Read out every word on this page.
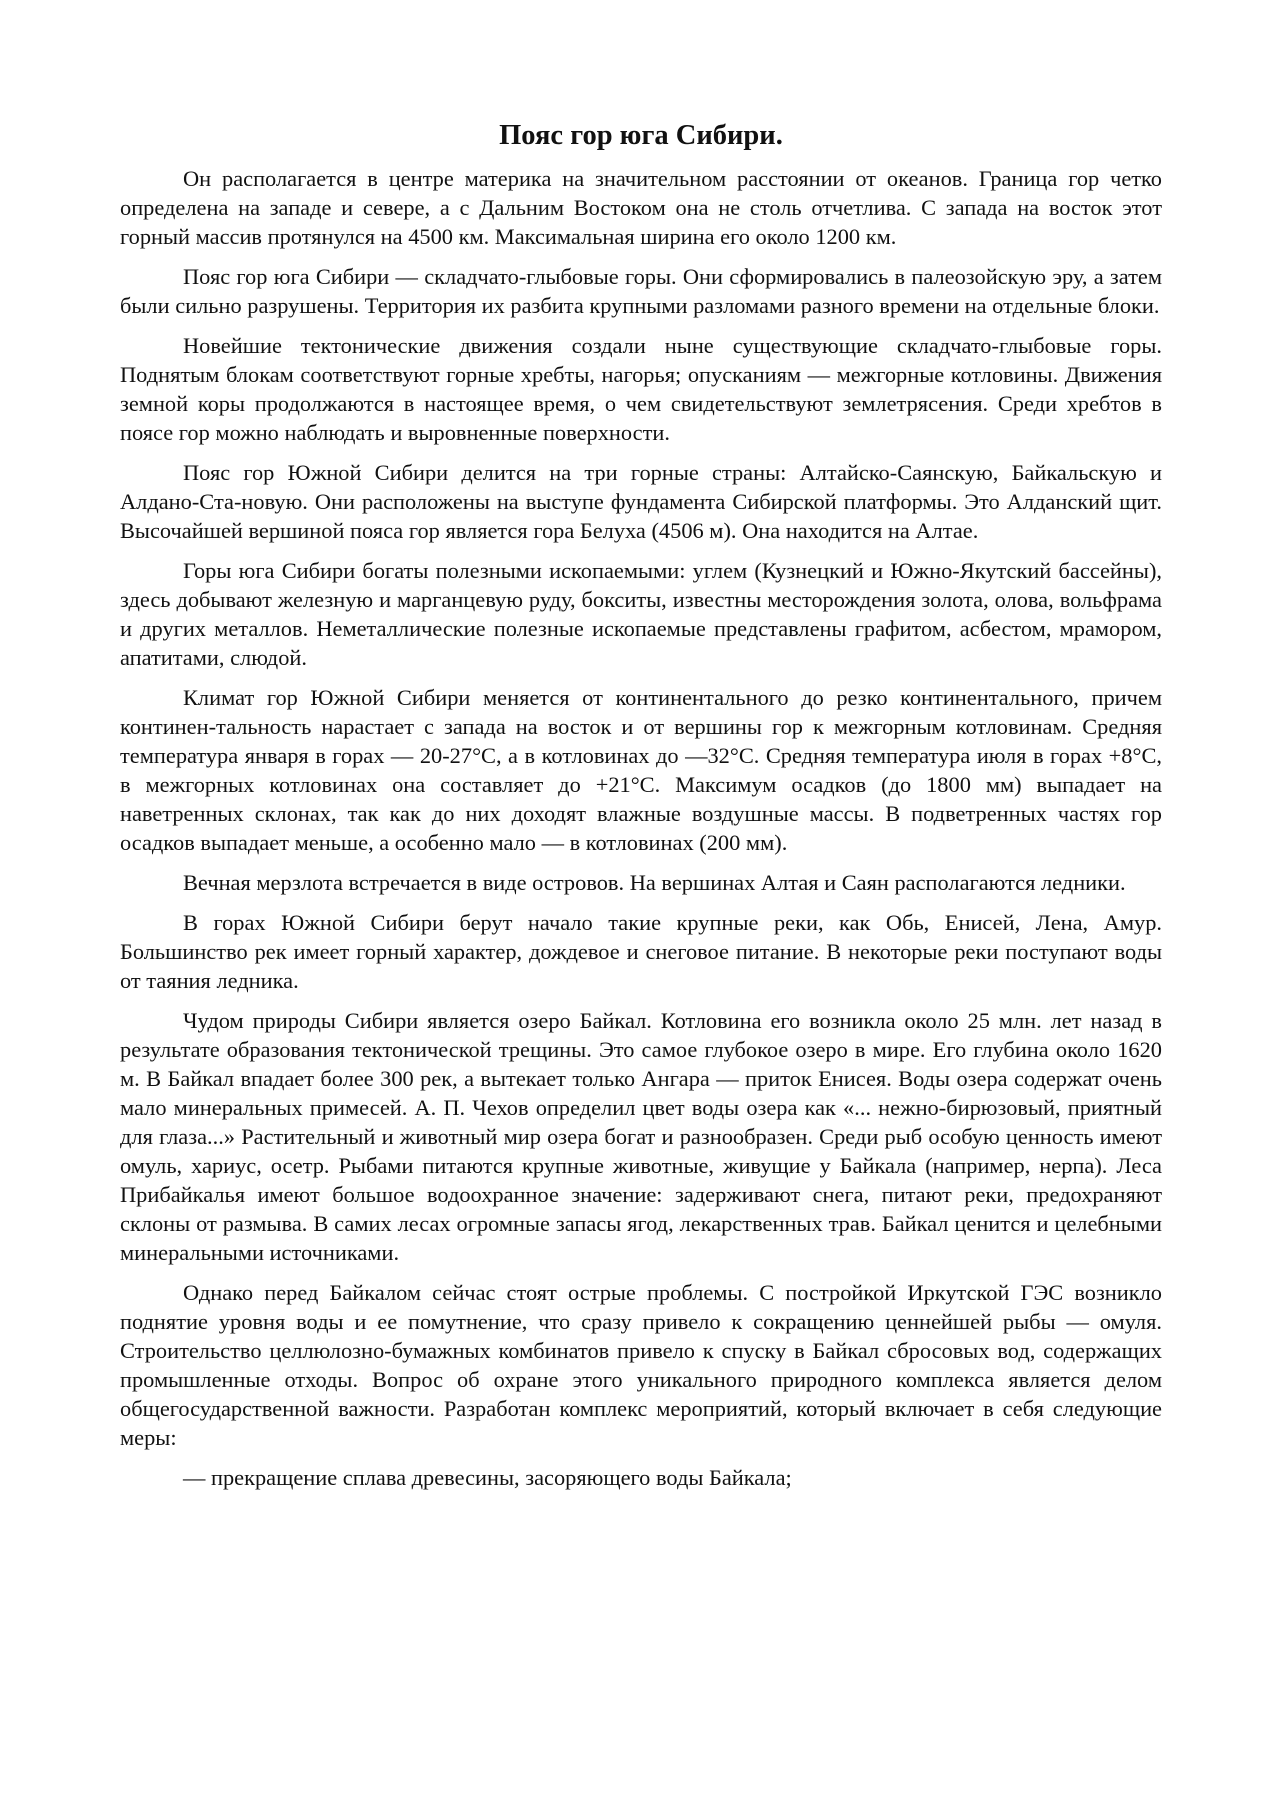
Пояс гор юга Сибири.

Он располагается в центре материка на значительном расстоянии от океанов. Граница гор четко определена на западе и севере, а с Дальним Востоком она не столь отчетлива. С запада на восток этот горный массив протянулся на 4500 км. Максимальная ширина его около 1200 км.

Пояс гор юга Сибири — складчато-глыбовые горы. Они сформировались в палеозойскую эру, а затем были сильно разрушены. Территория их разбита крупными разломами разного времени на отдельные блоки.

Новейшие тектонические движения создали ныне существующие складчато-глыбовые горы. Поднятым блокам соответствуют горные хребты, нагорья; опусканиям — межгорные котловины. Движения земной коры продолжаются в настоящее время, о чем свидетельствуют землетрясения. Среди хребтов в поясе гор можно наблюдать и выровненные поверхности.

Пояс гор Южной Сибири делится на три горные страны: Алтайско-Саянскую, Байкальскую и Алдано-Ста-новую. Они расположены на выступе фундамента Сибирской платформы. Это Алданский щит. Высочайшей вершиной пояса гор является гора Белуха (4506 м). Она находится на Алтае.

Горы юга Сибири богаты полезными ископаемыми: углем (Кузнецкий и Южно-Якутский бассейны), здесь добывают железную и марганцевую руду, бокситы, известны месторождения золота, олова, вольфрама и других металлов. Неметаллические полезные ископаемые представлены графитом, асбестом, мрамором, апатитами, слюдой.

Климат гор Южной Сибири меняется от континентального до резко континентального, причем континен-тальность нарастает с запада на восток и от вершины гор к межгорным котловинам. Средняя температура января в горах — 20-27°С, а в котловинах до —32°С. Средняя температура июля в горах +8°С, в межгорных котловинах она составляет до +21°С. Максимум осадков (до 1800 мм) выпадает на наветренных склонах, так как до них доходят влажные воздушные массы. В подветренных частях гор осадков выпадает меньше, а особенно мало — в котловинах (200 мм).

Вечная мерзлота встречается в виде островов. На вершинах Алтая и Саян располагаются ледники.

В горах Южной Сибири берут начало такие крупные реки, как Обь, Енисей, Лена, Амур. Большинство рек имеет горный характер, дождевое и снеговое питание. В некоторые реки поступают воды от таяния ледника.

Чудом природы Сибири является озеро Байкал. Котловина его возникла около 25 млн. лет назад в результате образования тектонической трещины. Это самое глубокое озеро в мире. Его глубина около 1620 м. В Байкал впадает более 300 рек, а вытекает только Ангара — приток Енисея. Воды озера содержат очень мало минеральных примесей. А. П. Чехов определил цвет воды озера как «... нежно-бирюзовый, приятный для глаза...» Растительный и животный мир озера богат и разнообразен. Среди рыб особую ценность имеют омуль, хариус, осетр. Рыбами питаются крупные животные, живущие у Байкала (например, нерпа). Леса Прибайкалья имеют большое водоохранное значение: задерживают снега, питают реки, предохраняют склоны от размыва. В самих лесах огромные запасы ягод, лекарственных трав. Байкал ценится и целебными минеральными источниками.

Однако перед Байкалом сейчас стоят острые проблемы. С постройкой Иркутской ГЭС возникло поднятие уровня воды и ее помутнение, что сразу привело к сокращению ценнейшей рыбы — омуля. Строительство целлюлозно-бумажных комбинатов привело к спуску в Байкал сбросовых вод, содержащих промышленные отходы. Вопрос об охране этого уникального природного комплекса является делом общегосударственной важности. Разработан комплекс мероприятий, который включает в себя следующие меры:

— прекращение сплава древесины, засоряющего воды Байкала;
